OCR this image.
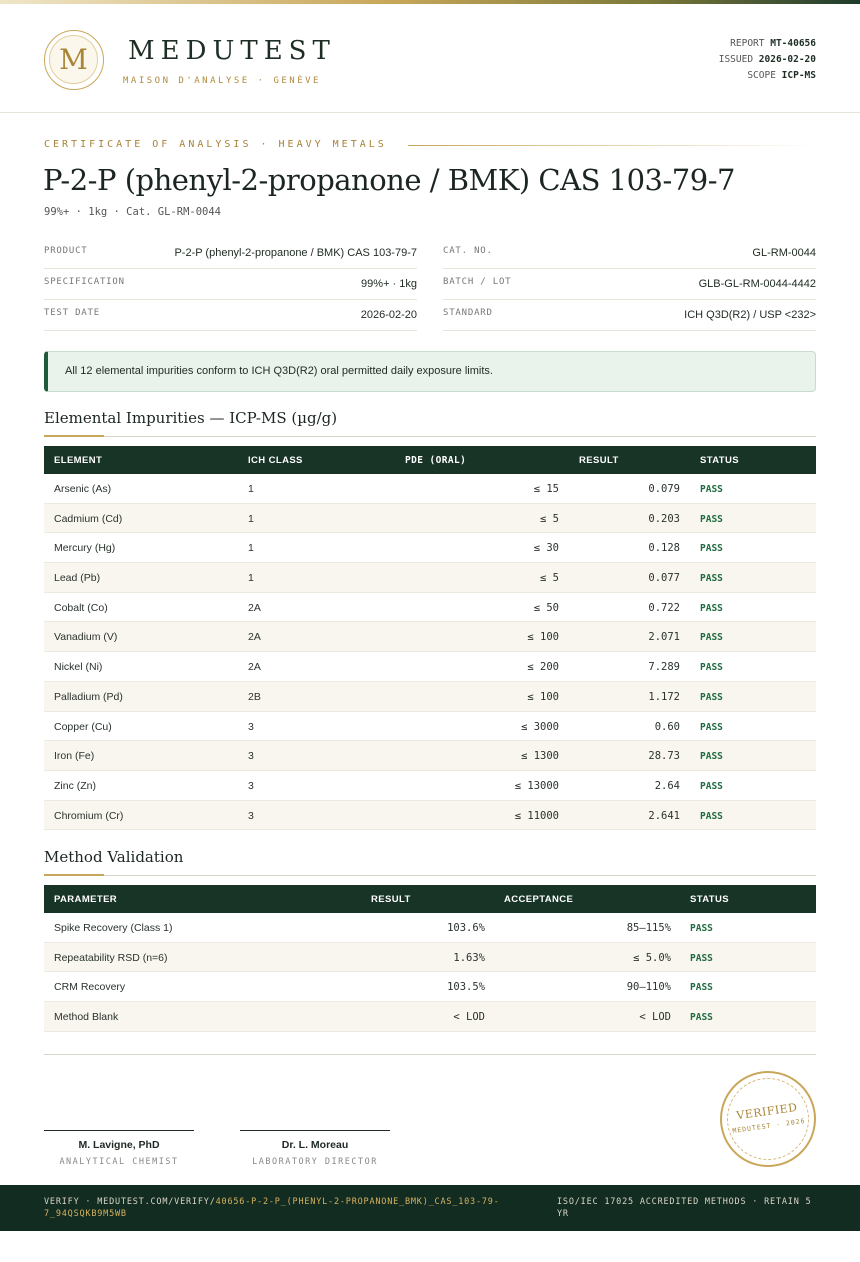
M	MEDUTEST
MAISON D'ANALYSE · GENÈVE
REPORT MT-40656
ISSUED 2026-02-20
SCOPE ICP-MS
CERTIFICATE OF ANALYSIS · HEAVY METALS
P-2-P (phenyl-2-propanone / BMK) CAS 103-79-7
99%+ · 1kg · Cat. GL-RM-0044
PRODUCT	P-2-P (phenyl-2-propanone / BMK) CAS 103-79-7
SPECIFICATION	99%+ · 1kg
TEST DATE	2026-02-20
CAT. NO.	GL-RM-0044
BATCH / LOT	GLB-GL-RM-0044-4442
STANDARD	ICH Q3D(R2) / USP <232>
All 12 elemental impurities conform to ICH Q3D(R2) oral permitted daily exposure limits.
Elemental Impurities — ICP-MS (µg/g)
ELEMENT	ICH CLASS	PDE (ORAL)	RESULT	STATUS
Arsenic (As)	1	≤ 15	0.079 PASS
Cadmium (Cd)	1	≤ 5	0.203 PASS
Mercury (Hg)	1	≤ 30	0.128 PASS
Lead (Pb)	1	≤ 5	0.077 PASS
Cobalt (Co)	2A	≤ 50	0.722 PASS
Vanadium (V)	2A	≤ 100	2.071 PASS
Nickel (Ni)	2A	≤ 200	7.289 PASS
Palladium (Pd)	2B	≤ 100	1.172 PASS
Copper (Cu)	3	≤ 3000	0.60 PASS
Iron (Fe)	3	≤ 1300	28.73 PASS
Zinc (Zn)	3	≤ 13000	2.64 PASS
Chromium (Cr)	3	≤ 11000	2.641 PASS
Method Validation
PARAMETER	RESULT	ACCEPTANCE	STATUS
Spike Recovery (Class 1)	103.6%	85–115% PASS
Repeatability RSD (n=6)	1.63%	≤ 5.0% PASS
CRM Recovery	103.5%	90–110% PASS
Method Blank	< LOD	< LOD PASS
M. Lavigne, PhD
ANALYTICAL CHEMIST
Dr. L. Moreau
LABORATORY DIRECTOR
VERIFIED
MEDUTEST · 2026
VERIFY · MEDUTEST.COM/VERIFY/40656-P-2-P_(PHENYL-2-PROPANONE_BMK)_CAS_103-79-7_94QSQKB9M5WB
ISO/IEC 17025 ACCREDITED METHODS · RETAIN 5 YR
